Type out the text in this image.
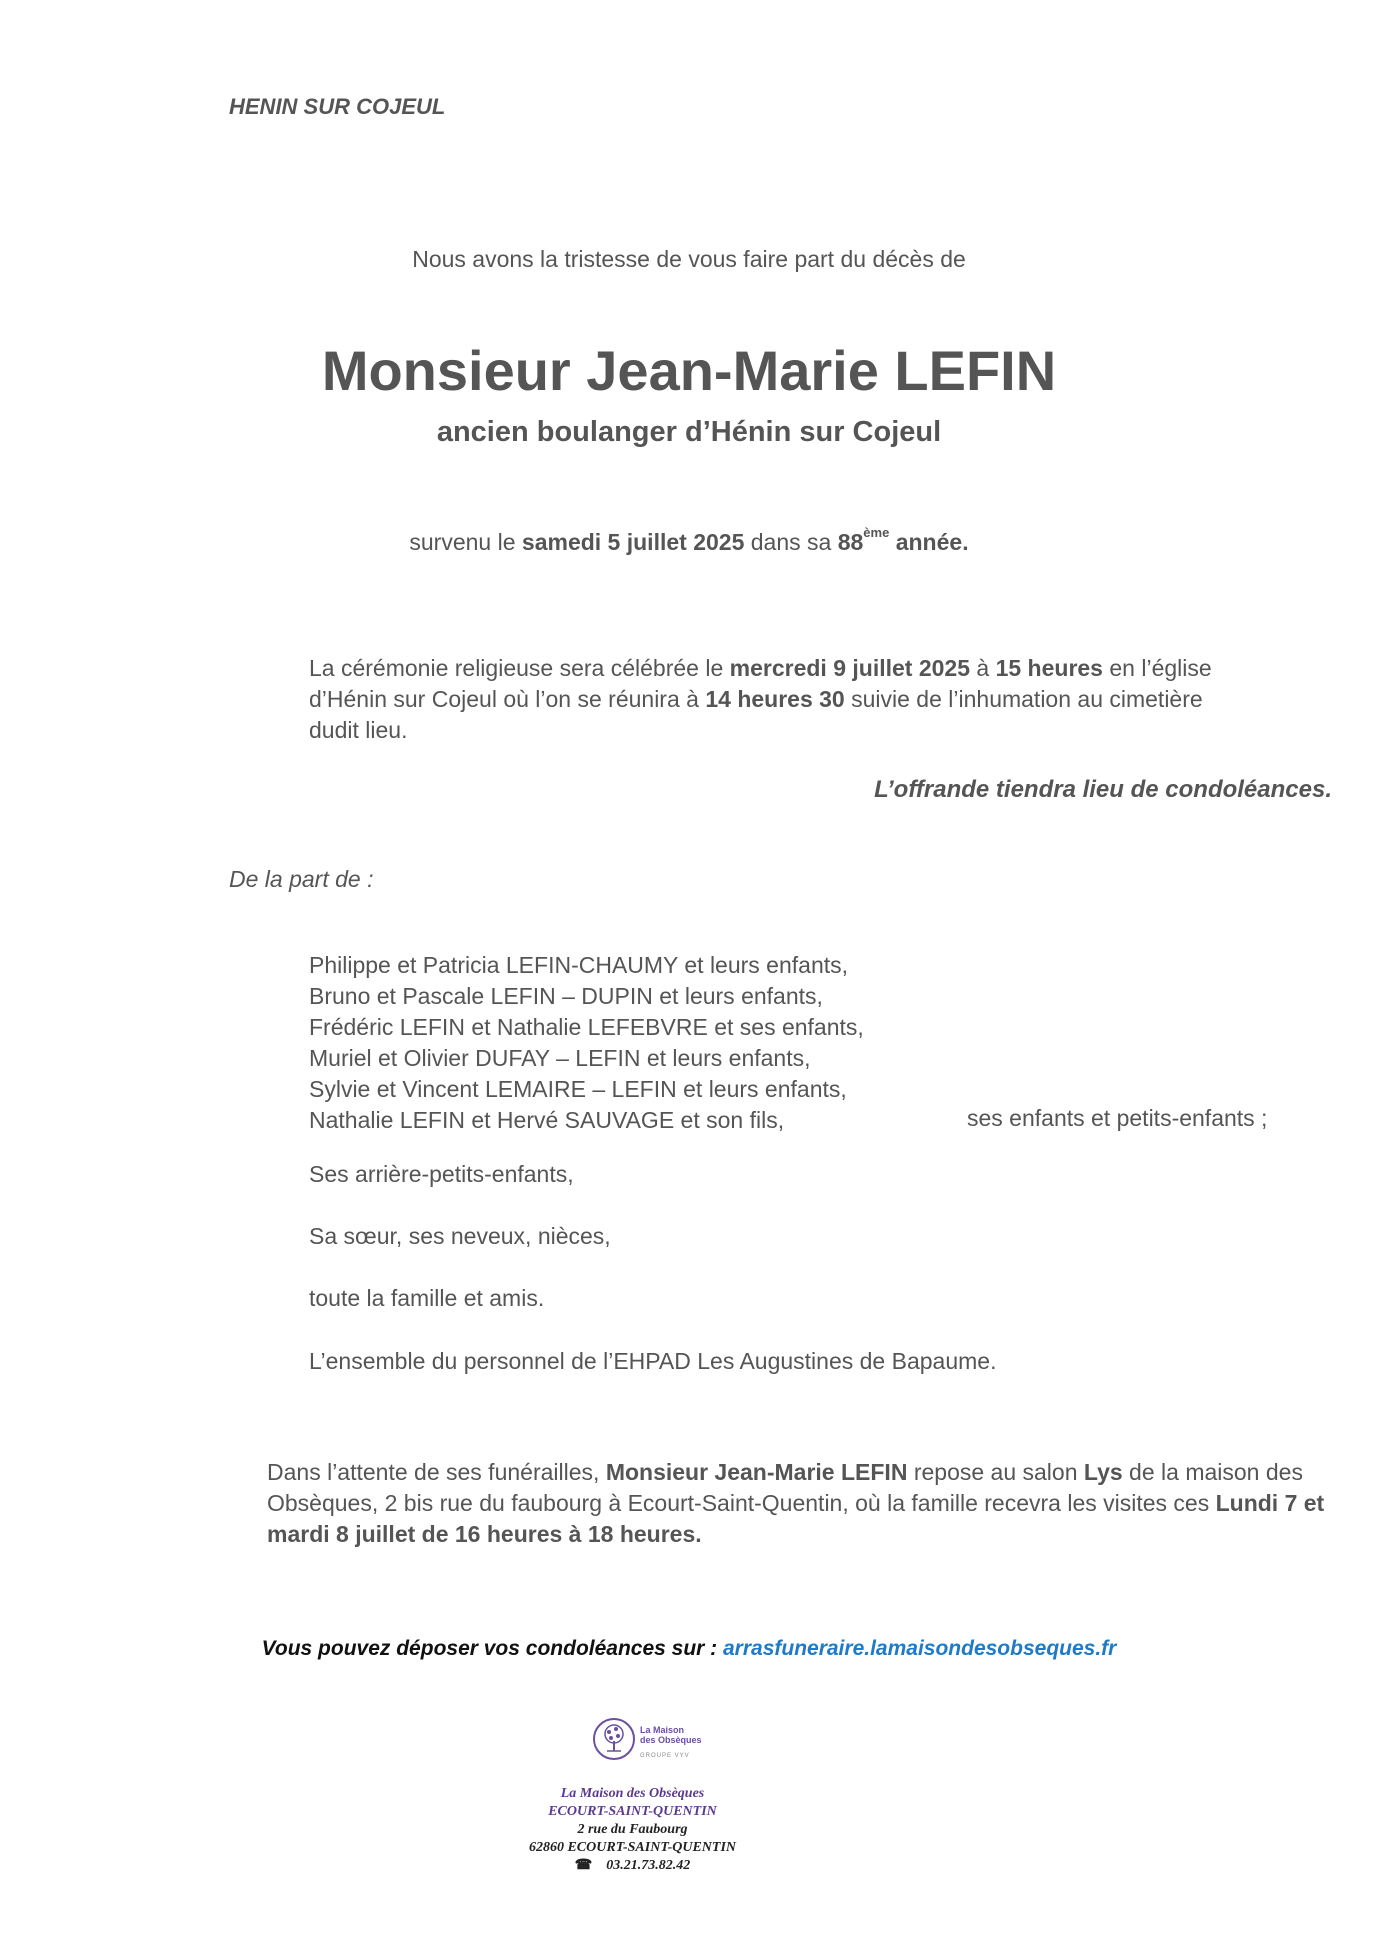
HENIN SUR COJEUL
Nous avons la tristesse de vous faire part du décès de
Monsieur Jean-Marie LEFIN
ancien boulanger d’Hénin sur Cojeul
survenu le samedi 5 juillet 2025 dans sa 88ème année.
La cérémonie religieuse sera célébrée le mercredi 9 juillet 2025 à 15 heures en l’église d’Hénin sur Cojeul où l’on se réunira à 14 heures 30 suivie de l’inhumation au cimetière dudit lieu.
L’offrande tiendra lieu de condoléances.
De la part de :
Philippe et Patricia LEFIN-CHAUMY et leurs enfants,
Bruno et Pascale LEFIN – DUPIN et leurs enfants,
Frédéric LEFIN et Nathalie LEFEBVRE et ses enfants,
Muriel et Olivier DUFAY – LEFIN et leurs enfants,
Sylvie et Vincent LEMAIRE – LEFIN et leurs enfants,
Nathalie LEFIN et Hervé SAUVAGE et son fils,	ses enfants et petits-enfants ;
Ses arrière-petits-enfants,
Sa sœur, ses neveux, nièces,
toute la famille et amis.
L’ensemble du personnel de l’EHPAD Les Augustines de Bapaume.
Dans l’attente de ses funérailles, Monsieur Jean-Marie LEFIN repose au salon Lys de la maison des Obsèques, 2 bis rue du faubourg à Ecourt-Saint-Quentin, où la famille recevra les visites ces Lundi 7 et mardi 8 juillet de 16 heures à 18 heures.
Vous pouvez déposer vos condoléances sur : arrasfuneraire.lamaisondesobseques.fr
La Maison
des Obsèques
GROUPE VYV
La Maison des Obsèques
ECOURT-SAINT-QUENTIN
2 rue du Faubourg
62860 ECOURT-SAINT-QUENTIN
☎ 03.21.73.82.42
